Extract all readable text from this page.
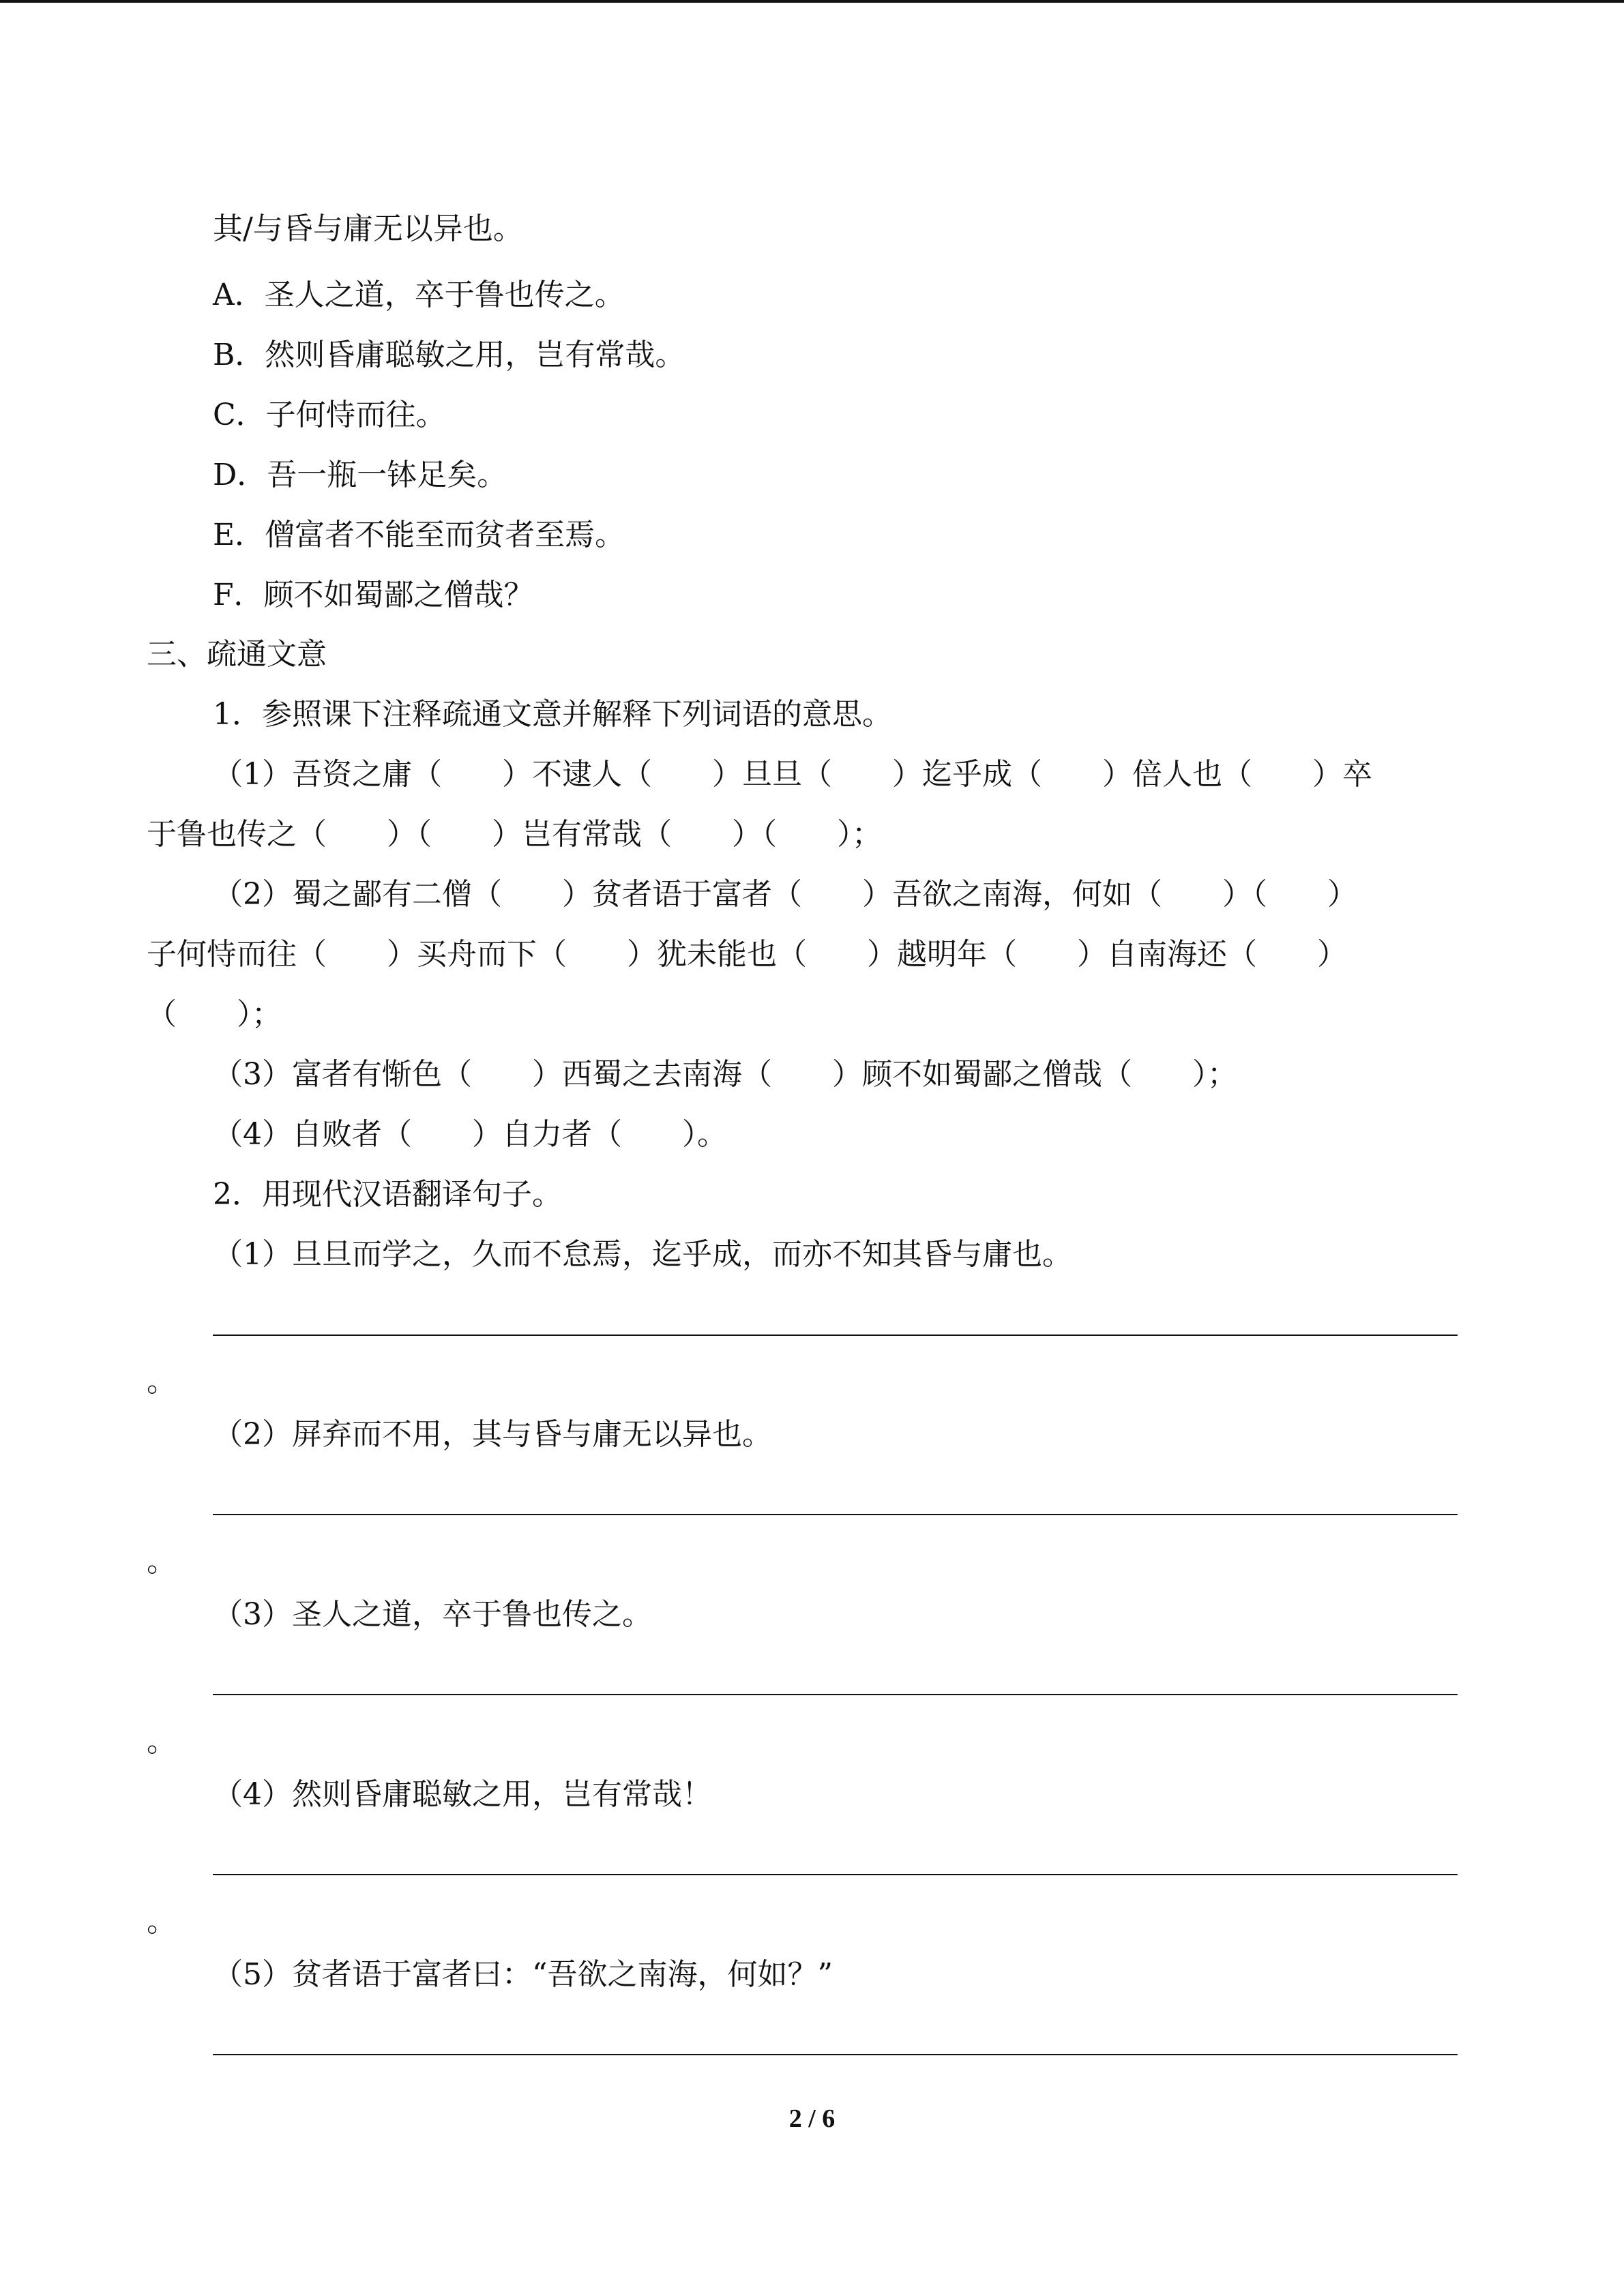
其/与昏与庸无以异也。
A．圣人之道，卒于鲁也传之。
B．然则昏庸聪敏之用，岂有常哉。
C．子何恃而往。
D．吾一瓶一钵足矣。
E．僧富者不能至而贫者至焉。
F．顾不如蜀鄙之僧哉？
三、疏通文意
1．参照课下注释疏通文意并解释下列词语的意思。
（1）吾资之庸（　　）不逮人（　　）旦旦（　　）迄乎成（　　）倍人也（　　）卒
于鲁也传之（　　）（　　）岂有常哉（　　）（　　）；
（2）蜀之鄙有二僧（　　）贫者语于富者（　　）吾欲之南海，何如（　　）（　　）
子何恃而往（　　）买舟而下（　　）犹未能也（　　）越明年（　　）自南海还（　　）
（　　）；
（3）富者有惭色（　　）西蜀之去南海（　　）顾不如蜀鄙之僧哉（　　）；
（4）自败者（　　）自力者（　　）。
2．用现代汉语翻译句子。
（1）旦旦而学之，久而不怠焉，迄乎成，而亦不知其昏与庸也。
。
（2）屏弃而不用，其与昏与庸无以异也。
。
（3）圣人之道，卒于鲁也传之。
。
（4）然则昏庸聪敏之用，岂有常哉！
。
（5）贫者语于富者曰：“吾欲之南海，何如？”
2 / 6
